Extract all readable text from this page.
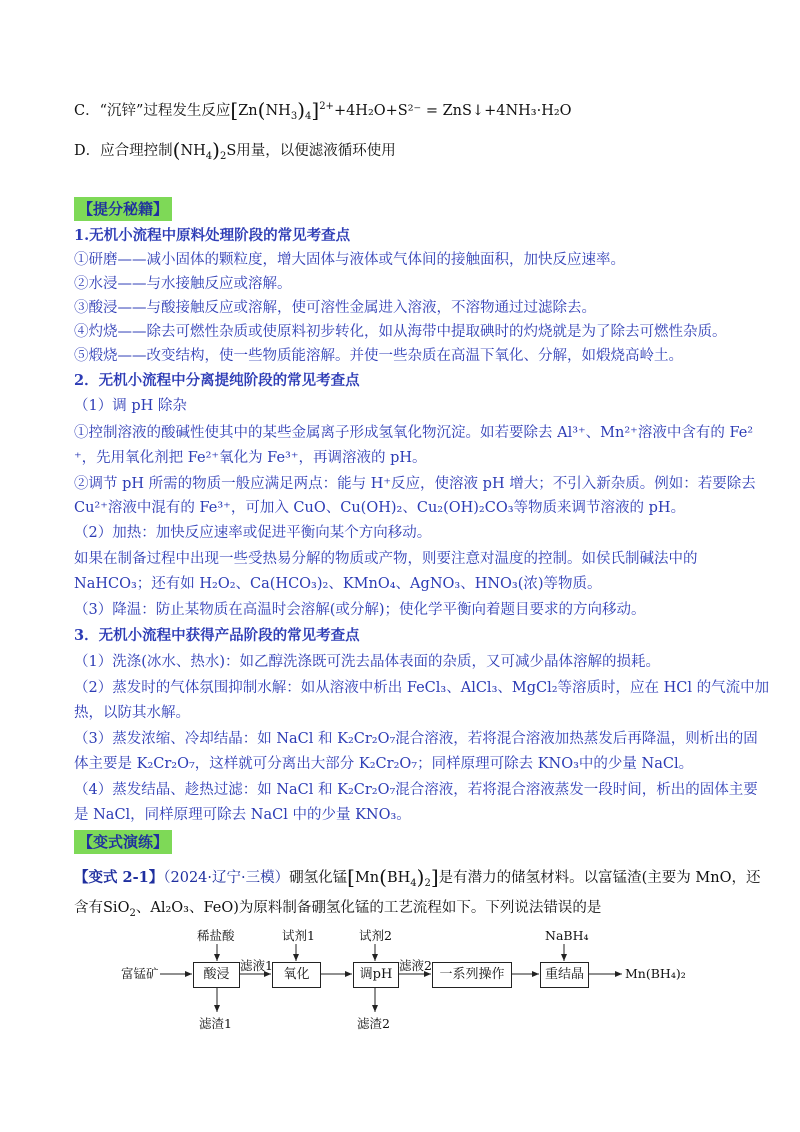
C．“沉锌”过程发生反应$[Zn(NH_3)_4]^{2+}+4H_2O+S^{2-}$ = ZnS↓+4NH₃·H₂O
D．应合理控制$(NH_4)_2S$用量，以便滤液循环使用
【提分秘籍】
1.无机小流程中原料处理阶段的常见考查点
①研磨——减小固体的颗粒度，增大固体与液体或气体间的接触面积，加快反应速率。
②水浸——与水接触反应或溶解。
③酸浸——与酸接触反应或溶解，使可溶性金属进入溶液，不溶物通过过滤除去。
④灼烧——除去可燃性杂质或使原料初步转化，如从海带中提取碘时的灼烧就是为了除去可燃性杂质。
⑤煅烧——改变结构，使一些物质能溶解。并使一些杂质在高温下氧化、分解，如煅烧高岭土。
2．无机小流程中分离提纯阶段的常见考查点
（1）调 pH 除杂
①控制溶液的酸碱性使其中的某些金属离子形成氢氧化物沉淀。如若要除去 Al³⁺、Mn²⁺溶液中含有的 Fe²
⁺，先用氧化剂把 Fe²⁺氧化为 Fe³⁺，再调溶液的 pH。
②调节 pH 所需的物质一般应满足两点：能与 H⁺反应，使溶液 pH 增大；不引入新杂质。例如：若要除去
Cu²⁺溶液中混有的 Fe³⁺，可加入 CuO、Cu(OH)₂、Cu₂(OH)₂CO₃等物质来调节溶液的 pH。
（2）加热：加快反应速率或促进平衡向某个方向移动。
如果在制备过程中出现一些受热易分解的物质或产物，则要注意对温度的控制。如侯氏制碱法中的
NaHCO₃；还有如 H₂O₂、Ca(HCO₃)₂、KMnO₄、AgNO₃、HNO₃(浓)等物质。
（3）降温：防止某物质在高温时会溶解(或分解)；使化学平衡向着题目要求的方向移动。
3．无机小流程中获得产品阶段的常见考查点
（1）洗涤(冰水、热水)：如乙醇洗涤既可洗去晶体表面的杂质，又可减少晶体溶解的损耗。
（2）蒸发时的气体氛围抑制水解：如从溶液中析出 FeCl₃、AlCl₃、MgCl₂等溶质时，应在 HCl 的气流中加
热，以防其水解。
（3）蒸发浓缩、冷却结晶：如 NaCl 和 K₂Cr₂O₇混合溶液，若将混合溶液加热蒸发后再降温，则析出的固
体主要是 K₂Cr₂O₇，这样就可分离出大部分 K₂Cr₂O₇；同样原理可除去 KNO₃中的少量 NaCl。
（4）蒸发结晶、趁热过滤：如 NaCl 和 K₂Cr₂O₇混合溶液，若将混合溶液蒸发一段时间，析出的固体主要
是 NaCl，同样原理可除去 NaCl 中的少量 KNO₃。
【变式演练】
【变式 2-1】（2024·辽宁·三模）硼氢化锰$[Mn(BH_4)_2]$是有潜力的储氢材料。以富锰渣(主要为 MnO，还
含有SiO$_2$、Al₂O₃、FeO)为原料制备硼氢化锰的工艺流程如下。下列说法错误的是
富锰矿	酸浸	氧化	调pH	一系列操作	重结晶
稀盐酸	试剂1	试剂2	NaBH₄
滤液1	滤液2
滤渣1	滤渣2
Mn(BH₄)₂
